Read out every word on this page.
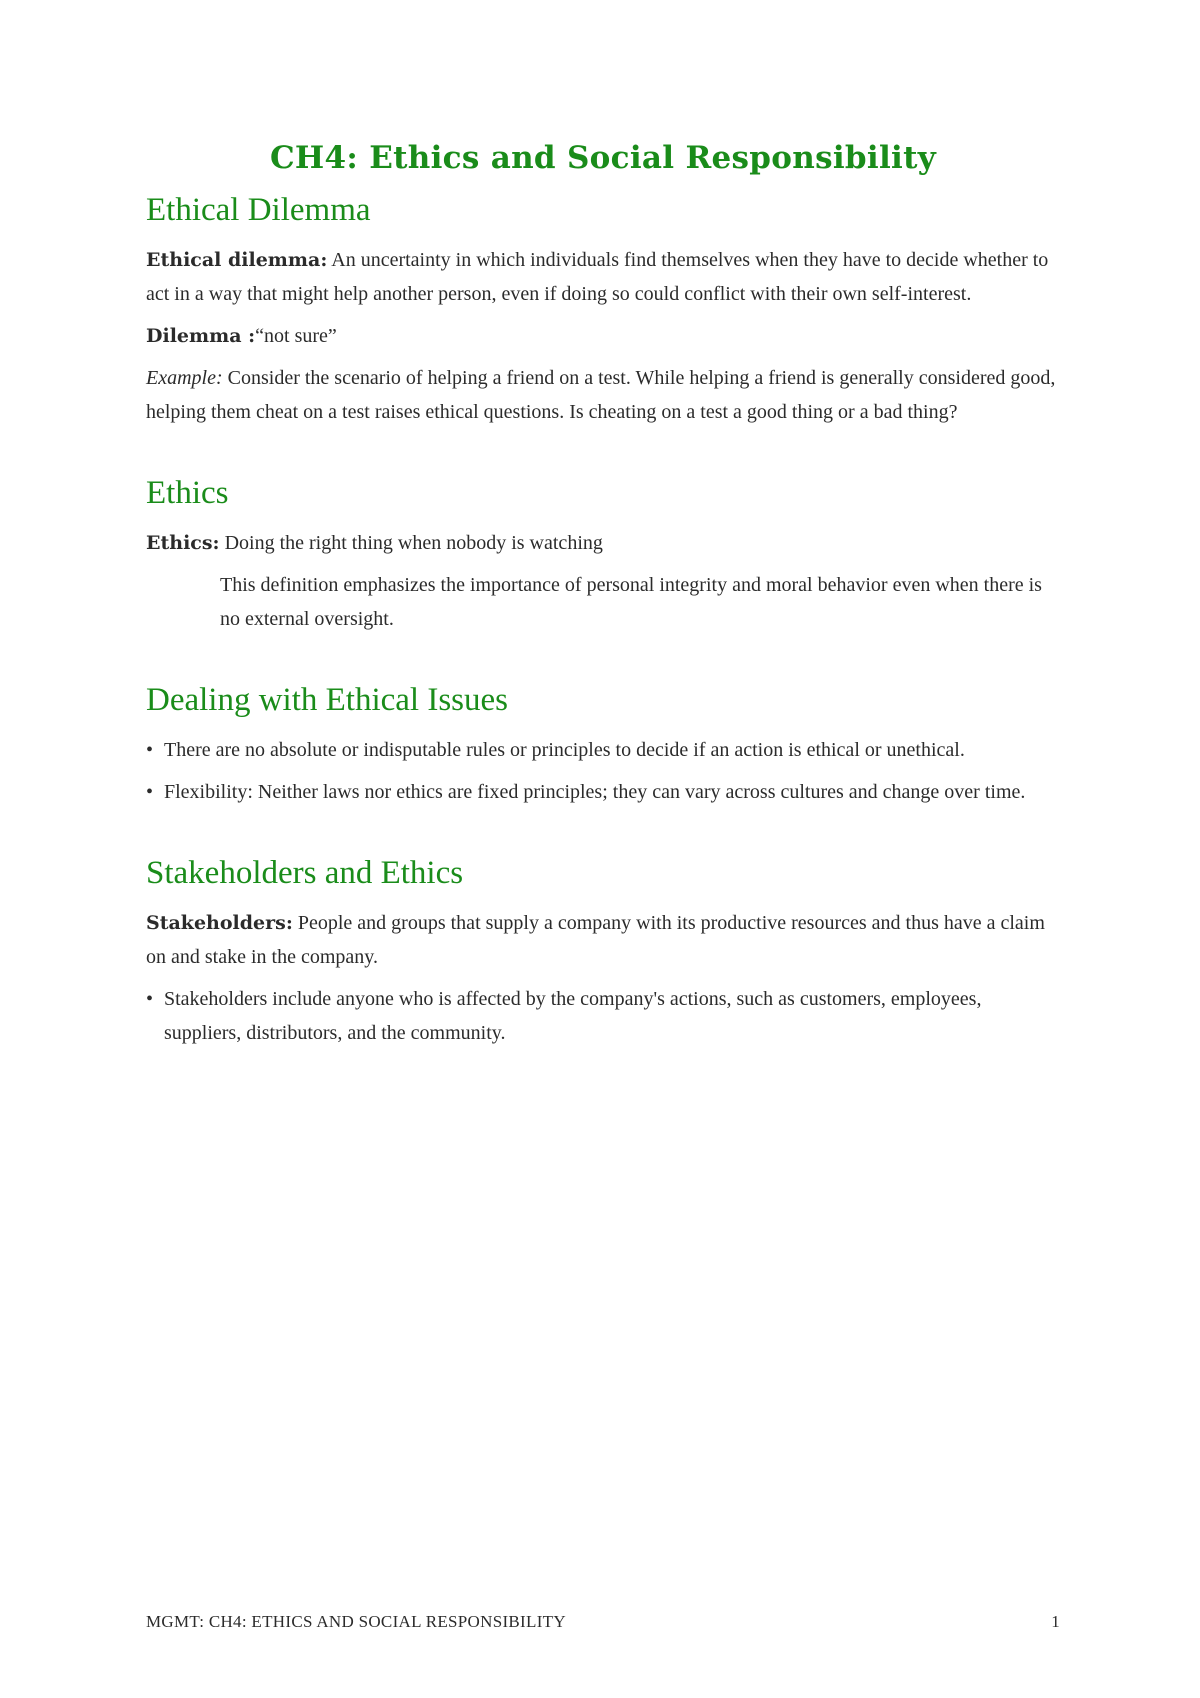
CH4: Ethics and Social Responsibility
Ethical Dilemma

Ethical dilemma: An uncertainty in which individuals find themselves when they have to decide whether to act in a way that might help another person, even if doing so could conflict with their own self-interest.

Dilemma :“not sure”

Example: Consider the scenario of helping a friend on a test. While helping a friend is generally considered good, helping them cheat on a test raises ethical questions. Is cheating on a test a good thing or a bad thing?

Ethics

Ethics: Doing the right thing when nobody is watching

This definition emphasizes the importance of personal integrity and moral behavior even when there is no external oversight.

Dealing with Ethical Issues
• There are no absolute or indisputable rules or principles to decide if an action is ethical or unethical.
• Flexibility: Neither laws nor ethics are fixed principles; they can vary across cultures and change over time.
Stakeholders and Ethics

Stakeholders: People and groups that supply a company with its productive resources and thus have a claim on and stake in the company.

• Stakeholders include anyone who is affected by the company's actions, such as customers, employees, suppliers, distributors, and the community.
MGMT: CH4: ETHICS AND SOCIAL RESPONSIBILITY	1
